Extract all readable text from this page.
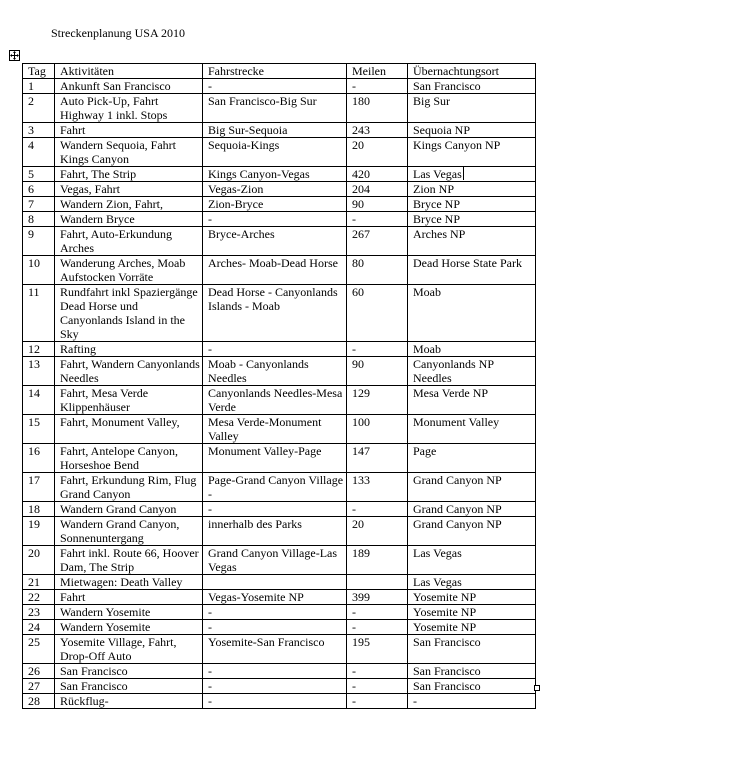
Streckenplanung USA 2010
Tag	Aktivitäten	Fahrstrecke	Meilen	Übernachtungsort
1	Ankunft San Francisco	-	-	San Francisco
2	Auto Pick-Up, Fahrt Highway 1 inkl. Stops	San Francisco-Big Sur	180	Big Sur
3	Fahrt	Big Sur-Sequoia	243	Sequoia NP
4	Wandern Sequoia, Fahrt Kings Canyon	Sequoia-Kings	20	Kings Canyon NP
5	Fahrt, The Strip	Kings Canyon-Vegas	420	Las Vegas
6	Vegas, Fahrt	Vegas-Zion	204	Zion NP
7	Wandern Zion, Fahrt,	Zion-Bryce	90	Bryce NP
8	Wandern Bryce	-	-	Bryce NP
9	Fahrt, Auto-Erkundung Arches	Bryce-Arches	267	Arches NP
10	Wanderung Arches, Moab Aufstocken Vorräte	Arches- Moab-Dead Horse	80	Dead Horse State Park
11	Rundfahrt inkl Spaziergänge Dead Horse und Canyonlands Island in the Sky	Dead Horse - Canyonlands Islands - Moab	60	Moab
12	Rafting	-	-	Moab
13	Fahrt, Wandern Canyonlands Needles	Moab - Canyonlands Needles	90	Canyonlands NP Needles
14	Fahrt, Mesa Verde Klippenhäuser	Canyonlands Needles-Mesa Verde	129	Mesa Verde NP
15	Fahrt, Monument Valley,	Mesa Verde-Monument Valley	100	Monument Valley
16	Fahrt, Antelope Canyon, Horseshoe Bend	Monument Valley-Page	147	Page
17	Fahrt, Erkundung Rim, Flug Grand Canyon	Page-Grand Canyon Village -	133	Grand Canyon NP
18	Wandern Grand Canyon	-	-	Grand Canyon NP
19	Wandern Grand Canyon, Sonnenuntergang	innerhalb des Parks	20	Grand Canyon NP
20	Fahrt inkl. Route 66, Hoover Dam, The Strip	Grand Canyon Village-Las Vegas	189	Las Vegas
21	Mietwagen: Death Valley			Las Vegas
22	Fahrt	Vegas-Yosemite NP	399	Yosemite NP
23	Wandern Yosemite	-	-	Yosemite NP
24	Wandern Yosemite	-	-	Yosemite NP
25	Yosemite Village, Fahrt, Drop-Off Auto	Yosemite-San Francisco	195	San Francisco
26	San Francisco	-	-	San Francisco
27	San Francisco	-	-	San Francisco
28	Rückflug-	-	-	-
